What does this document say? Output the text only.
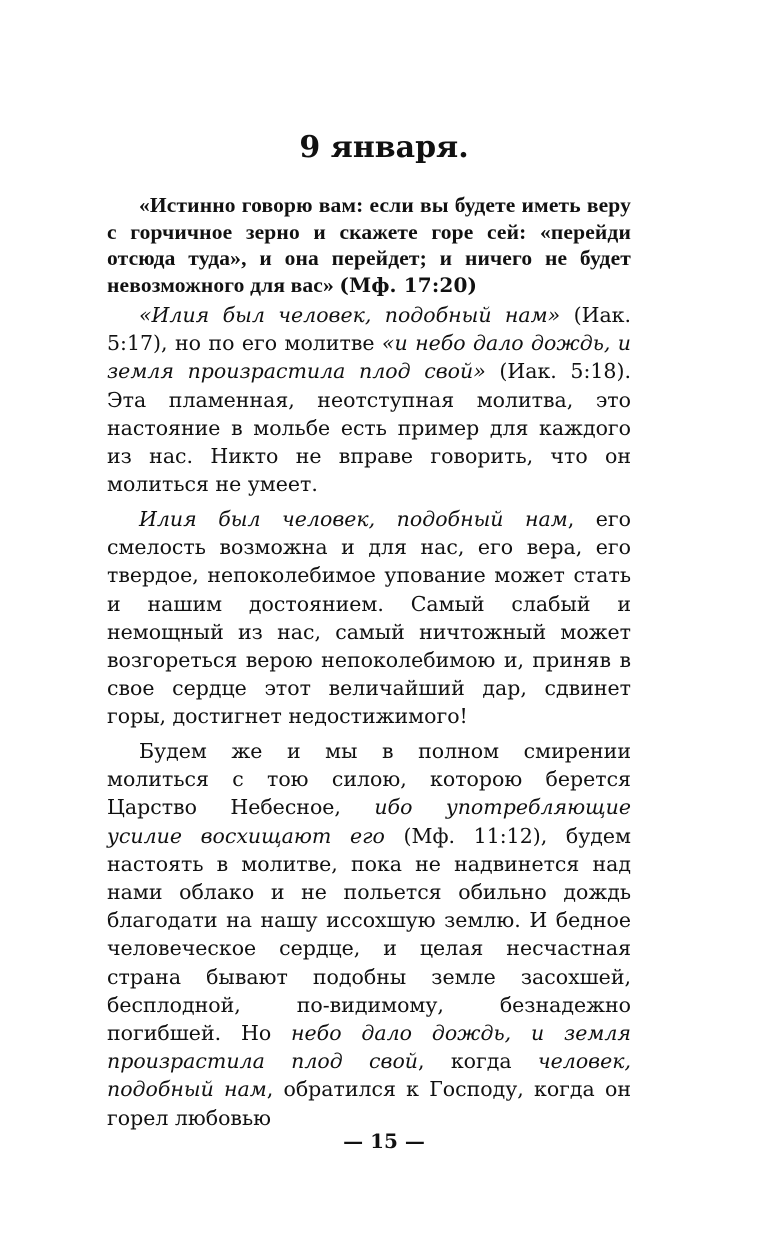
9 января.
«Истинно говорю вам: если вы будете иметь веру с горчичное зерно и скажете горе сей: «перейди отсюда туда», и она перейдет; и ничего не будет невозможного для вас» (Мф. 17:20)

«Илия был человек, подобный нам» (Иак. 5:17), но по его молитве «и небо дало дождь, и земля произрастила плод свой» (Иак. 5:18). Эта пламенная, неотступная молитва, это настояние в мольбе есть пример для каждого из нас. Никто не вправе говорить, что он молиться не умеет.

Илия был человек, подобный нам, его смелость возможна и для нас, его вера, его твердое, непоколебимое упование может стать и нашим достоянием. Самый слабый и немощный из нас, самый ничтожный может возгореться верою непоколебимою и, приняв в свое сердце этот величайший дар, сдвинет горы, достигнет недостижимого!

Будем же и мы в полном смирении молиться с тою силою, которою берется Царство Небесное, ибо употребляющие усилие восхищают его (Мф. 11:12), будем настоять в молитве, пока не надвинется над нами облако и не польется обильно дождь благодати на нашу иссохшую землю. И бедное человеческое сердце, и целая несчастная страна бывают подобны земле засохшей, бесплодной, по-видимому, безнадежно погибшей. Но небо дало дождь, и земля произрастила плод свой, когда человек, подобный нам, обратился к Господу, когда он горел любовью

— 15 —
